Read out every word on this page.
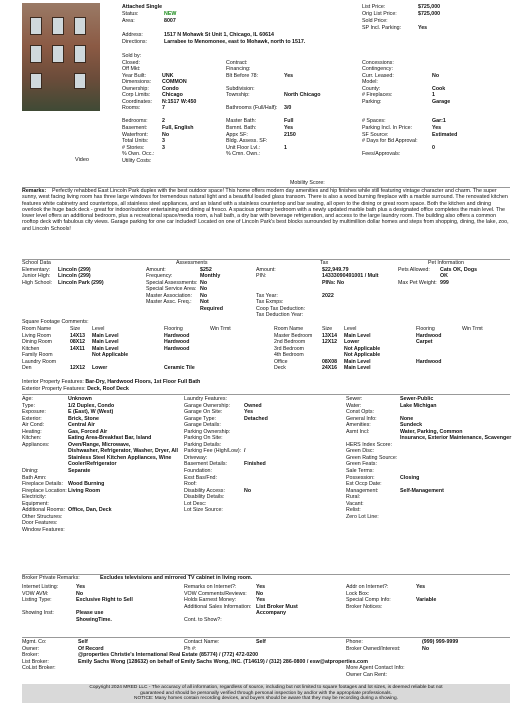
Video
Attached Single
Status:	NEW
Area:	8007
Address:	1517 N Mohawk St Unit 1, Chicago, IL 60614
Directions:	Larrabee to Menomonee, east to Mohawk, north to 1517.
List Price:	$725,000
Orig List Price:	$725,000
Sold Price:
SP Incl. Parking:	Yes
Sold by:
Closed:
Off Mkt:
Year Built:	UNK
Dimensions: COMMON
Ownership: Condo
Corp Limits: Chicago
Coordinates: N:1517 W:450
Rooms:	7
Bedrooms:	2
Basement:	Full, English
Waterfront:	No
Total Units:	3
# Stories:	3
% Own. Occ.:
Utility Costs:
Contract:
Financing:
Blt Before 78:	Yes
Subdivision:
Township:	North Chicago
Bathrooms (Full/Half): 3/0
Master Bath:	Full
Bsmnt. Bath:	Yes
Appx SF:	2150
Bldg. Assess. SF:
Unit Floor Lvl.:	1
% Cmn. Own.:
Concessions:
Contingency:
Curr. Leased:	No
Model:
County:	Cook
# Fireplaces:	1
Parking:	Garage
# Spaces:	Gar:1
Parking Incl. In Price:	Yes
SF Source:	Estimated
# Days for Bd Approval:
0
Fees/Approvals:
Mobility Score:
Remarks: Perfectly rehabbed East Lincoln Park duplex with the best outdoor space! This home offers modern day amenities and hip finishes while still featuring vintage character and charm. The super sunny, west facing living room has three large windows for tremendous natural light and a beautiful loaded glass transom. There is also a wood burning fireplace with a marble surround. The renovated kitchen features white cabinetry and countertops, all stainless steel appliances, and an island with a stainless countertop and bar seating, all open to the dining or great room space. Both the kitchen and dining overlook the huge back deck - great for indoor/outdoor entertaining and dining al fresco. A spacious primary bedroom with a newly updated marble bath plus a designated office completes the main level. The lower level offers an additional bedroom, plus a recreational space/media room, a hall bath, a dry bar with beverage refrigeration, and access to the large laundry room. The building also offers a common rooftop deck with fabulous city views. Garage parking for one car included! Located on one of Lincoln Park's best blocks surrounded by multimillion dollar homes and steps from shopping, dining, the lake, zoo, and Lincoln Schools!
School Data
Elementary: Lincoln (299)
Junior High: Lincoln (299)
High School: Lincoln Park (299)
Assessments
Amount:	$252
Frequency:	Monthly
Special Assessments: No
Special Service Area: No
Master Association: No
Master Assc. Freq.: Not Required
Tax
Amount:	$22,949.79
PIN:	14333090491001 / Mult PINs: No
Tax Year:	2022
Tax Exmps:
Coop Tax Deduction:
Tax Deduction Year:
Pet Information
Pets Allowed: Cats OK, Dogs OK
Max Pet Weight: 999
Square Footage Comments:
Room Name	Size	Level	Flooring	Win Trmt
Living Room	14X13	Main Level	Hardwood	
Dining Room	08X12	Main Level	Hardwood	
Kitchen	14X11	Main Level	Hardwood	
Family Room		Not Applicable		
Laundry Room				
Den	12X12	Lower	Ceramic Tile	
Room Name	Size	Level	Flooring	Win Trmt
Master Bedroom	13X14	Main Level	Hardwood	
2nd Bedroom	12X12	Lower	Carpet	
3rd Bedroom		Not Applicable		
4th Bedroom		Not Applicable		
Office	08X08	Main Level	Hardwood	
Deck	24X16	Main Level		
Interior Property Features: Bar-Dry, Hardwood Floors, 1st Floor Full Bath
Exterior Property Features: Deck, Roof Deck
Age:	Unknown
Type:	1/2 Duplex, Condo
Exposure:	E (East), W (West)
Exterior:	Brick, Stone
Air Cond:	Central Air
Heating:	Gas, Forced Air
Kitchen:	Eating Area-Breakfast Bar, Island
Appliances:	Oven/Range, Microwave,
Dishwasher, Refrigerator, Washer, Dryer, All
Stainless Steel Kitchen Appliances, Wine
Cooler/Refrigerator
Dining:	Separate
Bath Amn:
Fireplace Details: Wood Burning
Fireplace Location:Living Room
Electricity:
Equipment:
Additional Rooms: Office, Dan, Deck
Other Structures:
Door Features:
Window Features:
Laundry Features:
Garage Ownership:	Owned
Garage On Site:	Yes
Garage Type:	Detached
Garage Details:
Parking Ownership:
Parking On Site:
Parking Details:
Parking Fee (High/Low): /
Driveway:
Basement Details:	Finished
Foundation:
Exst Bas/Fnd:
Roof:
Disability Access:	No
Disability Details:
Lot Desc:
Lot Size Source:
Sewer:	Sewer-Public
Water:	Lake Michigan
Const Opts:
General Info:	None
Amenities:	Sundeck
Asmt Incl:	Water, Parking, Common
Insurance, Exterior Maintenance, Scavenger
HERS Index Score:
Green Disc:
Green Rating Source:
Green Feats:
Sale Terms:
Possession:	Closing
Est Occp Date:
Management:	Self-Management
Rural:
Vacant:
Relist:
Zero Lot Line:
Broker Private Remarks:	Excludes televisions and mirrored TV cabinet in living room.
Internet Listing:	Yes
VOW AVM:	No
Listing Type:	Exclusive Right to Sell
Showing Inst:	Please use
ShowingTime.
Remarks on Internet?:	Yes
VOW Comments/Reviews: No
Holds Earnest Money:	Yes
Additional Sales Information: List Broker Must
Accompany
Cont. to Show?:
Addr on Internet?:	Yes
Lock Box:
Special Comp Info:	Variable
Broker Notices:
Mgmt. Co:	Self
Owner:	Of Record
Broker:	@properties Christie's International Real Estate (85774) / (772) 472-0200
List Broker:	Emily Sachs Wong (128632) on behalf of Emily Sachs Wong, INC. (T14619) / (312) 286-0800 / esw@atproperties.com
CoList Broker:
Contact Name:	Self
Ph #:
Phone:	(999) 999-9999
Broker Owned/Interest:	No
More Agent Contact Info:
Owner Can Rent:
Copyright 2024 MRED LLC - The accuracy of all information, regardless of source, including but not limited to square footages and lot sizes, is deemed reliable but not
guaranteed and should be personally verified through personal inspection by and/or with the appropriate professionals.
NOTICE: Many homes contain recording devices, and buyers should be aware that they may be recording during a showing.
